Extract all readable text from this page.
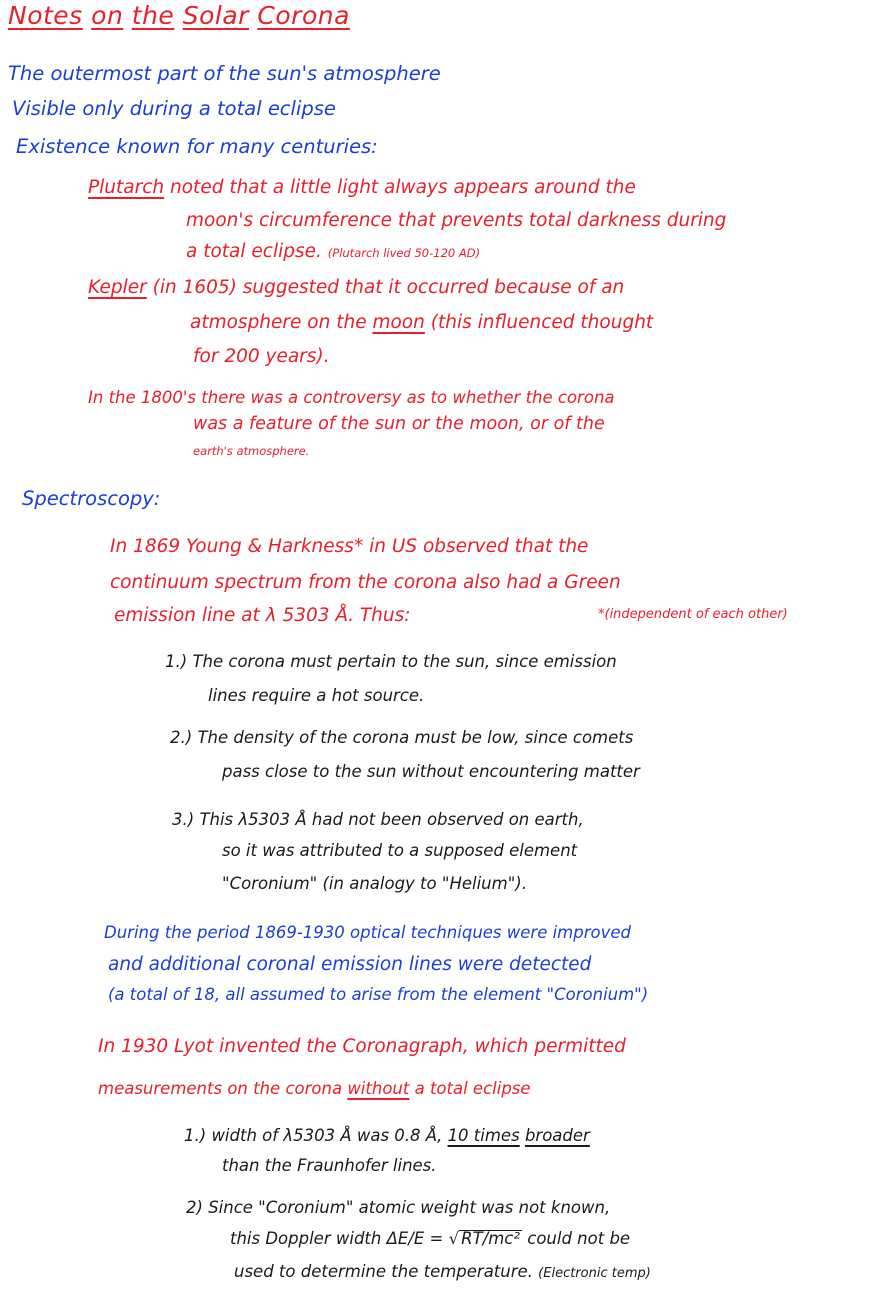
Notes on the Solar Corona
The outermost part of the sun's atmosphere
Visible only during a total eclipse
Existence known for many centuries:
Plutarch noted that a little light always appears around the
moon's circumference that prevents total darkness during
a total eclipse. (Plutarch lived 50-120 AD)
Kepler (in 1605) suggested that it occurred because of an
atmosphere on the moon (this influenced thought
for 200 years).
In the 1800's there was a controversy as to whether the corona
was a feature of the sun or the moon, or of the
earth's atmosphere.
Spectroscopy:
In 1869 Young & Harkness* in US observed that the
continuum spectrum from the corona also had a Green
emission line at λ 5303 Å. Thus:	*(independent of each other)
1.) The corona must pertain to the sun, since emission
lines require a hot source.
2.) The density of the corona must be low, since comets
pass close to the sun without encountering matter
3.) This λ5303 Å had not been observed on earth,
so it was attributed to a supposed element
"Coronium" (in analogy to "Helium").
During the period 1869-1930 optical techniques were improved
and additional coronal emission lines were detected
(a total of 18, all assumed to arise from the element "Coronium")
In 1930 Lyot invented the Coronagraph, which permitted
measurements on the corona without a total eclipse
1.) width of λ5303 Å was 0.8 Å, 10 times broader
than the Fraunhofer lines.
2) Since "Coronium" atomic weight was not known,
this Doppler width ΔE/E = √ RT/mc² could not be
used to determine the temperature. (Electronic temp)
